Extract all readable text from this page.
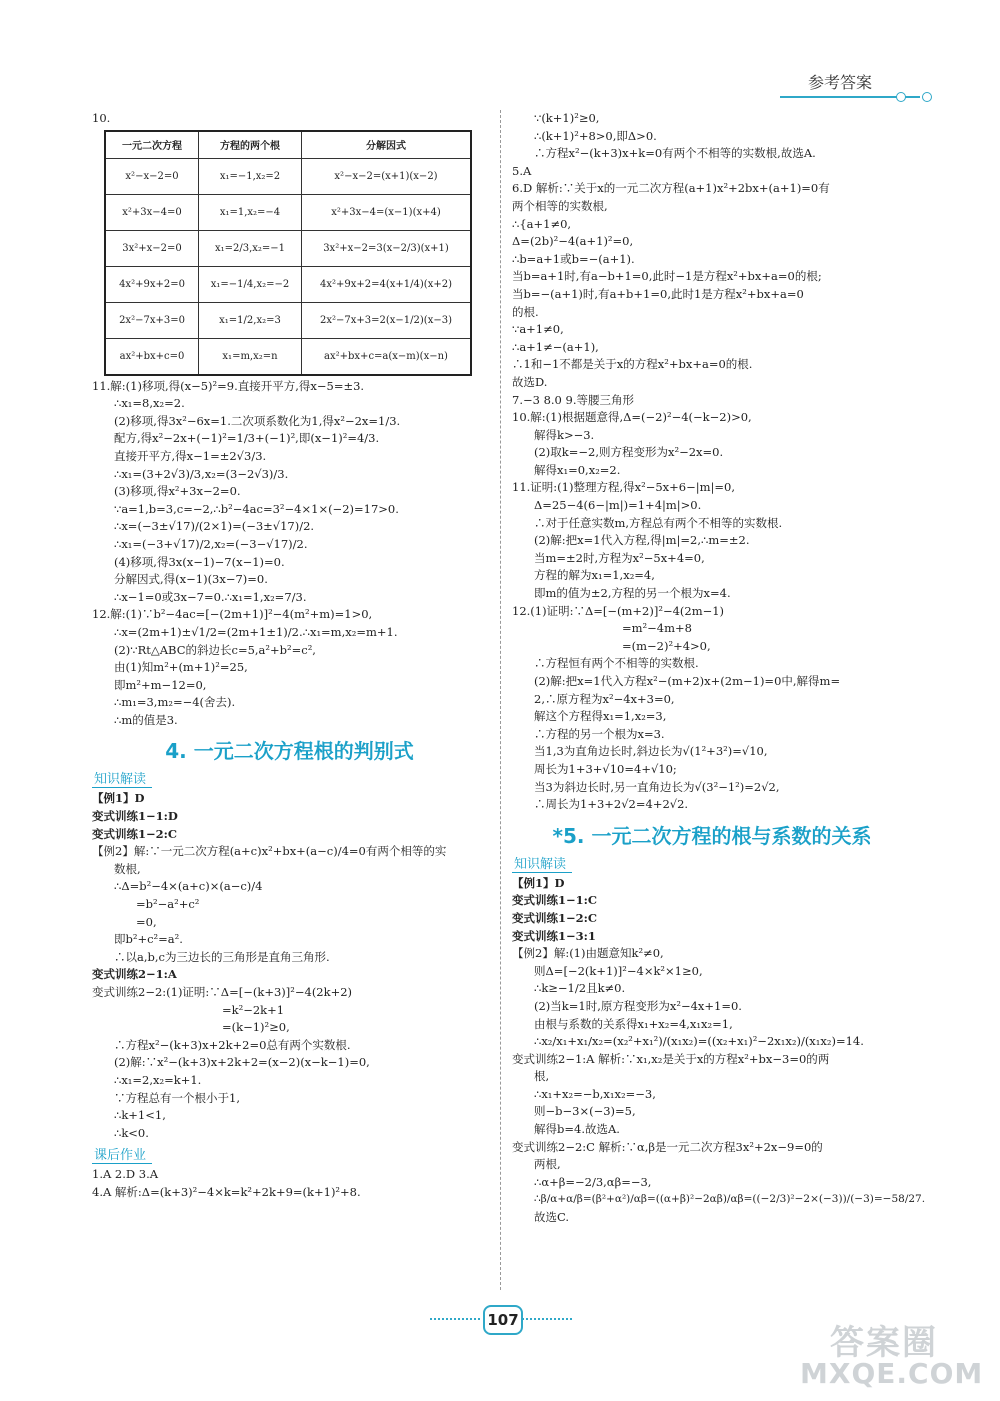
参考答案
10.
一元二次方程	方程的两个根	分解因式
x²−x−2=0	x₁=−1,x₂=2	x²−x−2=(x+1)(x−2)
x²+3x−4=0	x₁=1,x₂=−4	x²+3x−4=(x−1)(x+4)
3x²+x−2=0	x₁=2/3,x₂=−1	3x²+x−2=3(x−2/3)(x+1)
4x²+9x+2=0	x₁=−1/4,x₂=−2	4x²+9x+2=4(x+1/4)(x+2)
2x²−7x+3=0	x₁=1/2,x₂=3	2x²−7x+3=2(x−1/2)(x−3)
ax²+bx+c=0	x₁=m,x₂=n	ax²+bx+c=a(x−m)(x−n)
11.解:(1)移项,得(x−5)²=9.直接开平方,得x−5=±3.
∴x₁=8,x₂=2.
(2)移项,得3x²−6x=1.二次项系数化为1,得x²−2x=1/3.
配方,得x²−2x+(−1)²=1/3+(−1)²,即(x−1)²=4/3.
直接开平方,得x−1=±2√3/3.
∴x₁=(3+2√3)/3,x₂=(3−2√3)/3.
(3)移项,得x²+3x−2=0.
∵a=1,b=3,c=−2,∴b²−4ac=3²−4×1×(−2)=17>0.
∴x=(−3±√17)/(2×1)=(−3±√17)/2.
∴x₁=(−3+√17)/2,x₂=(−3−√17)/2.
(4)移项,得3x(x−1)−7(x−1)=0.
分解因式,得(x−1)(3x−7)=0.
∴x−1=0或3x−7=0.∴x₁=1,x₂=7/3.
12.解:(1)∵b²−4ac=[−(2m+1)]²−4(m²+m)=1>0,
∴x=(2m+1)±√1/2=(2m+1±1)/2.∴x₁=m,x₂=m+1.
(2)∵Rt△ABC的斜边长c=5,a²+b²=c²,
由(1)知m²+(m+1)²=25,
即m²+m−12=0,
∴m₁=3,m₂=−4(舍去).
∴m的值是3.
4. 一元二次方程根的判别式
知识解读
【例1】D
变式训练1−1:D
变式训练1−2:C
【例2】解:∵一元二次方程(a+c)x²+bx+(a−c)/4=0有两个相等的实
数根,
∴Δ=b²−4×(a+c)×(a−c)/4
=b²−a²+c²
=0,
即b²+c²=a².
∴以a,b,c为三边长的三角形是直角三角形.
变式训练2−1:A
变式训练2−2:(1)证明:∵Δ=[−(k+3)]²−4(2k+2)
=k²−2k+1
=(k−1)²≥0,
∴方程x²−(k+3)x+2k+2=0总有两个实数根.
(2)解:∵x²−(k+3)x+2k+2=(x−2)(x−k−1)=0,
∴x₁=2,x₂=k+1.
∵方程总有一个根小于1,
∴k+1<1,
∴k<0.
课后作业
1.A 2.D 3.A
4.A 解析:Δ=(k+3)²−4×k=k²+2k+9=(k+1)²+8.
∵(k+1)²≥0,
∴(k+1)²+8>0,即Δ>0.
∴方程x²−(k+3)x+k=0有两个不相等的实数根,故选A.
5.A
6.D 解析:∵关于x的一元二次方程(a+1)x²+2bx+(a+1)=0有
两个相等的实数根,
∴{a+1≠0,
Δ=(2b)²−4(a+1)²=0,
∴b=a+1或b=−(a+1).
当b=a+1时,有a−b+1=0,此时−1是方程x²+bx+a=0的根;
当b=−(a+1)时,有a+b+1=0,此时1是方程x²+bx+a=0
的根.
∵a+1≠0,
∴a+1≠−(a+1),
∴1和−1不都是关于x的方程x²+bx+a=0的根.
故选D.
7.−3 8.0 9.等腰三角形
10.解:(1)根据题意得,Δ=(−2)²−4(−k−2)>0,
解得k>−3.
(2)取k=−2,则方程变形为x²−2x=0.
解得x₁=0,x₂=2.
11.证明:(1)整理方程,得x²−5x+6−|m|=0,
Δ=25−4(6−|m|)=1+4|m|>0.
∴对于任意实数m,方程总有两个不相等的实数根.
(2)解:把x=1代入方程,得|m|=2,∴m=±2.
当m=±2时,方程为x²−5x+4=0,
方程的解为x₁=1,x₂=4,
即m的值为±2,方程的另一个根为x=4.
12.(1)证明:∵Δ=[−(m+2)]²−4(2m−1)
=m²−4m+8
=(m−2)²+4>0,
∴方程恒有两个不相等的实数根.
(2)解:把x=1代入方程x²−(m+2)x+(2m−1)=0中,解得m=
2,∴原方程为x²−4x+3=0,
解这个方程得x₁=1,x₂=3,
∴方程的另一个根为x=3.
当1,3为直角边长时,斜边长为√(1²+3²)=√10,
周长为1+3+√10=4+√10;
当3为斜边长时,另一直角边长为√(3²−1²)=2√2,
∴周长为1+3+2√2=4+2√2.
*5. 一元二次方程的根与系数的关系
知识解读
【例1】D
变式训练1−1:C
变式训练1−2:C
变式训练1−3:1
【例2】解:(1)由题意知k²≠0,
则Δ=[−2(k+1)]²−4×k²×1≥0,
∴k≥−1/2且k≠0.
(2)当k=1时,原方程变形为x²−4x+1=0.
由根与系数的关系得x₁+x₂=4,x₁x₂=1,
∴x₂/x₁+x₁/x₂=(x₂²+x₁²)/(x₁x₂)=((x₂+x₁)²−2x₁x₂)/(x₁x₂)=14.
变式训练2−1:A 解析:∵x₁,x₂是关于x的方程x²+bx−3=0的两
根,
∴x₁+x₂=−b,x₁x₂=−3,
则−b−3×(−3)=5,
解得b=4.故选A.
变式训练2−2:C 解析:∵α,β是一元二次方程3x²+2x−9=0的
两根,
∴α+β=−2/3,αβ=−3,
∴β/α+α/β=(β²+α²)/αβ=((α+β)²−2αβ)/αβ=((−2/3)²−2×(−3))/(−3)=−58/27.
故选C.
107
答案圈
MXQE.COM
